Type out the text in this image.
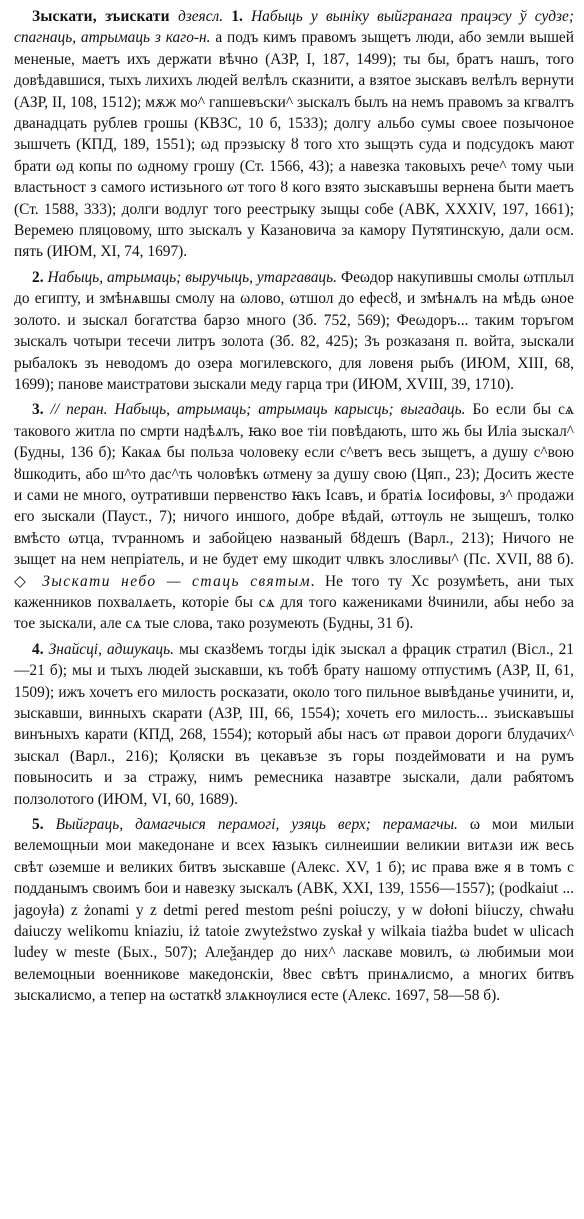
Зыскати, зъискати дзеясл. 1. Набыць у выніку выйгранага працэсу ў судзе; спагнаць, атрымаць з каго-н. а подъ кимъ правомъ зыщетъ люди, або земли вышей мененые, маетъ ихъ держати вѣчно (АЗР, I, 187, 1499); ты бы, братъ нашъ, того довѣдавшися, тыхъ лихихъ людей велѣлъ сказнити, а взятое зыскавъ велѣлъ вернути (АЗР, II, 108, 1512); мѫж мо^ гаnшевъски^ зыскалъ былъ на немъ правомъ за кгвалтъ дванадцать рублев грошы (КВЗС, 10 б, 1533); долгу альбо сумы своее позычоное зышчеть (КПД, 189, 1551); ωд прэзыску ȣ того хто зыщэть суда и подсудокъ мают брати ωд копы по ωдному грошу (Ст. 1566, 43); а навезка таковыхъ рече^ тому чыи властьност з самого истизьного ωт того ȣ кого взято зыскавъшы вернена быти маетъ (Ст. 1588, 333); долги водлуг того реестрыку зыщы собе (АВК, XXXIV, 197, 1661); Веремею пляцовому, што зыскалъ у Казановича за камору Путятинскую, дали осм. пять (ИЮМ, XI, 74, 1697).

2. Набыць, атрымаць; выручыць, утаргаваць. Феωдор накупившы смолы ωтплыл до египту, и змѣнѧвшы смолу на ωлово, ωтшол до ефесȣ, и змѣнѧлъ на мѣдь ωное золото. и зыскал богатства барзо много (Зб. 752, 569); Феωдоръ... таким торъгом зыскалъ чотыри тесечи литръ золота (Зб. 82, 425); Зъ розказаня п. войта, зыскали рыбалокъ зъ неводомъ до озера могилевского, для ловеня рыбъ (ИЮМ, XIII, 68, 1699); панове маистратови зыскали меду гарца три (ИЮМ, XVIII, 39, 1710).

3. // перан. Набыць, атрымаць; атрымаць карысць; выгадаць. Бо если бы сѧ такового житла по смрти надѣѧлъ, ꙗко вое тіи повѣдають, што жь бы Иліа зыскал^ (Будны, 136 б); Какаѧ бы польза чоловеку если с^ветъ весь зыщетъ, а душу с^вою ȣшкодить, або ш^то дас^ть чоловѣкъ ωтмену за душу свою (Цяп., 23); Досить жесте и сами не много, оутративши первенство ꙗкъ Ісавъ, и братіѧ Іосифовы, з^ продажи его зыскали (Пауст., 7); ничого иншого, добре вѣдай, ωттѹль не зыщешъ, толко вмѣсто ωтца, тѵранномъ и забойцею названый бȣдешъ (Варл., 213); Ничого не зыщет на нем непріатель, и не будет ему шкодит члвкъ злосливы^ (Пс. XVII, 88 б). ◇ Зыскати небо — стаць святым. Не того ту Хс розумѣеть, ани тых каженников похвалѧеть, которіе бы сѧ для того кажениками ȣчинили, абы небо за тое зыскали, але сѧ тые слова, тако розумеють (Будны, 31 б).

4. Знайсці, адшукаць. мы сказȣемъ тогды ідік зыскал а фрацик стратил (Вісл., 21—21 б); мы и тыхъ людей зыскавши, къ тобѣ брату нашому отпустимъ (АЗР, II, 61, 1509); ижъ хочетъ его милость росказати, около того пильное вывѣданье учинити, и, зыскавши, винныхъ скарати (АЗР, III, 66, 1554); хочеть его милость... зъискавъшы винъныхъ карати (КПД, 268, 1554); который абы насъ ωт правои дороги блудачих^ зыскал (Варл., 216); Қоляски въ цекавъзе зъ горы поздеймовати и на румъ повыносить и за стражу, нимъ ремесника назавтре зыскали, дали рабятомъ ползолотого (ИЮМ, VI, 60, 1689).

5. Выйграць, дамагчыся перамогі, узяць верх; перамагчы. ω мои милыи велемощныи мои македонане и всех ꙗзыкъ силнеишии великии витѧзи иж весь свѣт ωземше и великих битвъ зыскавше (Алекс. XV, 1 б); ис права вже я в томъ с подданымъ своимъ бои и навезку зыскалъ (АВК, XXI, 139, 1556—1557); (podkaiut ... jagoyła) z żonami y z detmi pered mestom pеśni poiuczy, y w dołoni biiuczy, chwału daiuczy welikomu kniaziu, iż tatoie zwyteżstwo zyskał y wilkaia tiażba budet w ulicach ludey w meste (Бых., 507); Алеѯандер до них^ ласкаве мовилъ, ω любимыи мои велемоцныи военникове македонскіи, ȣвес свѣтъ принѧлисмо, а многих битвъ зыскалисмо, а тепер на ωстаткȣ злѧкнѹлися есте (Алекс. 1697, 58—58 б).
